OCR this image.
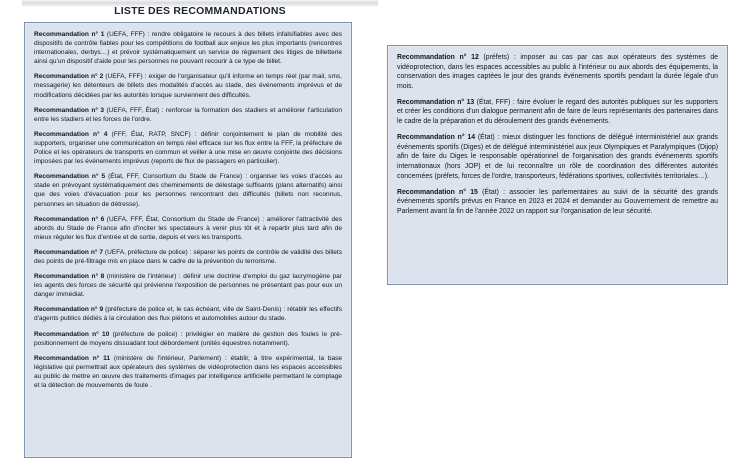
LISTE DES RECOMMANDATIONS

Recommandation n° 1 (UEFA, FFF) : rendre obligatoire le recours à des billets infalsifiables avec des dispositifs de contrôle fiables pour les compétitions de football aux enjeux les plus importants (rencontres internationales, derbys…) et prévoir systématiquement un service de règlement des litiges de billetterie ainsi qu'un dispositif d'aide pour les personnes ne pouvant recourir à ce type de billet.

Recommandation n° 2 (UEFA, FFF) : exiger de l'organisateur qu'il informe en temps réel (par mail, sms, messagerie) les détenteurs de billets des modalités d'accès au stade, des événements imprévus et de modifications décidées par les autorités lorsque surviennent des difficultés.

Recommandation n° 3 (UEFA, FFF, État) : renforcer la formation des stadiers et améliorer l'articulation entre les stadiers et les forces de l'ordre.

Recommandation n° 4 (FFF, État, RATP, SNCF) : définir conjointement le plan de mobilité des supporters, organiser une communication en temps réel efficace sur les flux entre la FFF, la préfecture de Police et les opérateurs de transports en commun et veiller à une mise en œuvre conjointe des décisions imposées par les événements imprévus (reports de flux de passagers en particulier).

Recommandation n° 5 (État, FFF, Consortium du Stade de France) : organiser les voies d'accès au stade en prévoyant systématiquement des cheminements de délestage suffisants (plans alternatifs) ainsi que des voies d'évacuation pour les personnes rencontrant des difficultés (billets non reconnus, personnes en situation de détresse).

Recommandation n° 6 (UEFA, FFF, État, Consortium du Stade de France) : améliorer l'attractivité des abords du Stade de France afin d'inciter les spectateurs à venir plus tôt et à repartir plus tard afin de mieux réguler les flux d'entrée et de sortie, depuis et vers les transports.

Recommandation n° 7 (UEFA, préfecture de police) : séparer les points de contrôle de validité des billets des points de pré-filtrage mis en place dans le cadre de la prévention du terrorisme.

Recommandation n° 8 (ministère de l'intérieur) : définir une doctrine d'emploi du gaz lacrymogène par les agents des forces de sécurité qui prévienne l'exposition de personnes ne présentant pas pour eux un danger immédiat.

Recommandation n° 9 (préfecture de police et, le cas échéant, ville de Saint-Denis) : rétablir les effectifs d'agents publics dédiés à la circulation des flux piétons et automobiles autour du stade.

Recommandation n° 10 (préfecture de police) : privilégier en matière de gestion des foules le pré-positionnement de moyens dissuadant tout débordement (unités équestres notamment).

Recommandation n° 11 (ministère de l'intérieur, Parlement) : établir, à titre expérimental, la base législative qui permettrait aux opérateurs des systèmes de vidéoprotection dans les espaces accessibles au public de mettre en œuvre des traitements d'images par intelligence artificielle permettant le comptage et la détection de mouvements de foule .

Recommandation n° 12 (préfets) : imposer au cas par cas aux opérateurs des systèmes de vidéoprotection, dans les espaces accessibles au public à l'intérieur ou aux abords des équipements, la conservation des images captées le jour des grands événements sportifs pendant la durée légale d'un mois.

Recommandation n° 13 (État, FFF) : faire évoluer le regard des autorités publiques sur les supporters et créer les conditions d'un dialogue permanent afin de faire de leurs représentants des partenaires dans le cadre de la préparation et du déroulement des grands événements.

Recommandation n° 14 (État) : mieux distinguer les fonctions de délégué interministériel aux grands événements sportifs (Diges) et de délégué interministériel aux jeux Olympiques et Paralympiques (Dijop) afin de faire du Diges le responsable opérationnel de l'organisation des grands événements sportifs internationaux (hors JOP) et de lui reconnaître un rôle de coordination des différentes autorités concernées (préfets, forces de l'ordre, transporteurs, fédérations sportives, collectivités territoriales…).

Recommandation n° 15 (État) : associer les parlementaires au suivi de la sécurité des grands événements sportifs prévus en France en 2023 et 2024 et demander au Gouvernement de remettre au Parlement avant la fin de l'année 2022 un rapport sur l'organisation de leur sécurité.
